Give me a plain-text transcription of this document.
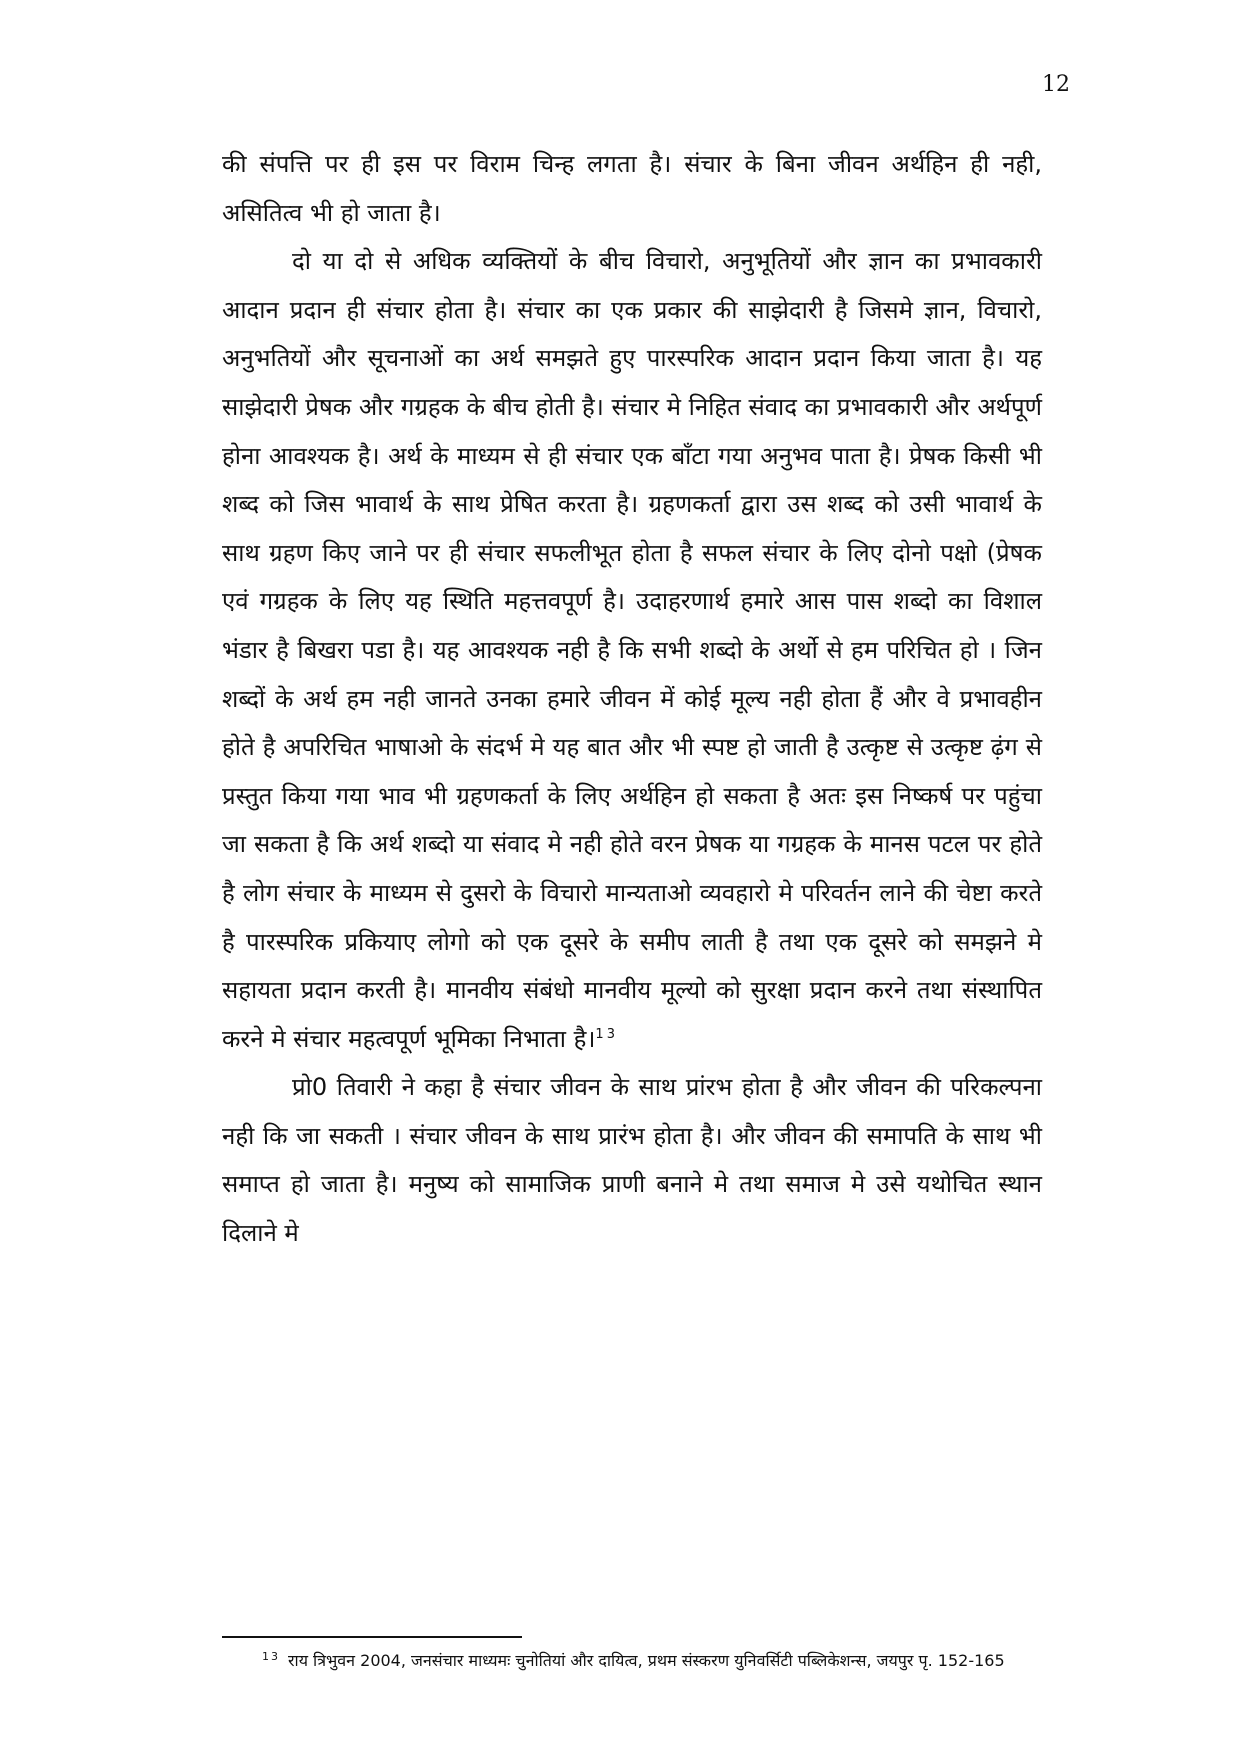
12

की संपत्ति पर ही इस पर विराम चिन्ह लगता है। संचार के बिना जीवन अर्थहिन ही नही, असितित्व भी हो जाता है।

दो या दो से अधिक व्यक्तियों के बीच विचारो, अनुभूतियों और ज्ञान का प्रभावकारी आदान प्रदान ही संचार होता है। संचार का एक प्रकार की साझेदारी है जिसमे ज्ञान, विचारो, अनुभतियों और सूचनाओं का अर्थ समझते हुए पारस्परिक आदान प्रदान किया जाता है। यह साझेदारी प्रेषक और गग्रहक के बीच होती है। संचार मे निहित संवाद का प्रभावकारी और अर्थपूर्ण होना आवश्यक है। अर्थ के माध्यम से ही संचार एक बॉंटा गया अनुभव पाता है। प्रेषक किसी भी शब्द को जिस भावार्थ के साथ प्रेषित करता है। ग्रहणकर्ता द्वारा उस शब्द को उसी भावार्थ के साथ ग्रहण किए जाने पर ही संचार सफलीभूत होता है सफल संचार के लिए दोनो पक्षो (प्रेषक एवं गग्रहक के लिए यह स्थिति महत्तवपूर्ण है। उदाहरणार्थ हमारे आस पास शब्दो का विशाल भंडार है बिखरा पडा है। यह आवश्यक नही है कि सभी शब्दो के अर्थो से हम परिचित हो । जिन शब्दों के अर्थ हम नही जानते उनका हमारे जीवन में कोई मूल्य नही होता हैं और वे प्रभावहीन होते है अपरिचित भाषाओ के संदर्भ मे यह बात और भी स्पष्ट हो जाती है उत्कृष्ट से उत्कृष्ट ढ़ंग से प्रस्तुत किया गया भाव भी ग्रहणकर्ता के लिए अर्थहिन हो सकता है अतः इस निष्कर्ष पर पहुंचा जा सकता है कि अर्थ शब्दो या संवाद मे नही होते वरन प्रेषक या गग्रहक के मानस पटल पर होते है लोग संचार के माध्यम से दुसरो के विचारो मान्यताओ व्यवहारो मे परिवर्तन लाने की चेष्टा करते है पारस्परिक प्रकियाए लोगो को एक दूसरे के समीप लाती है तथा एक दूसरे को समझने मे सहायता प्रदान करती है। मानवीय संबंधो मानवीय मूल्यो को सुरक्षा प्रदान करने तथा संस्थापित करने मे संचार महत्वपूर्ण भूमिका निभाता है।$^{13}$

प्रो0 तिवारी ने कहा है संचार जीवन के साथ प्रांरभ होता है और जीवन की परिकल्पना नही कि जा सकती । संचार जीवन के साथ प्रारंभ होता है। और जीवन की समापति के साथ भी समाप्त हो जाता है। मनुष्य को सामाजिक प्राणी बनाने मे तथा समाज मे उसे यथोचित स्थान दिलाने मे

$^{13}$ राय त्रिभुवन 2004, जनसंचार माध्यमः चुनोतियां और दायित्व, प्रथम संस्करण युनिवर्सिटी पब्लिकेशन्स, जयपुर पृ. 152-165
